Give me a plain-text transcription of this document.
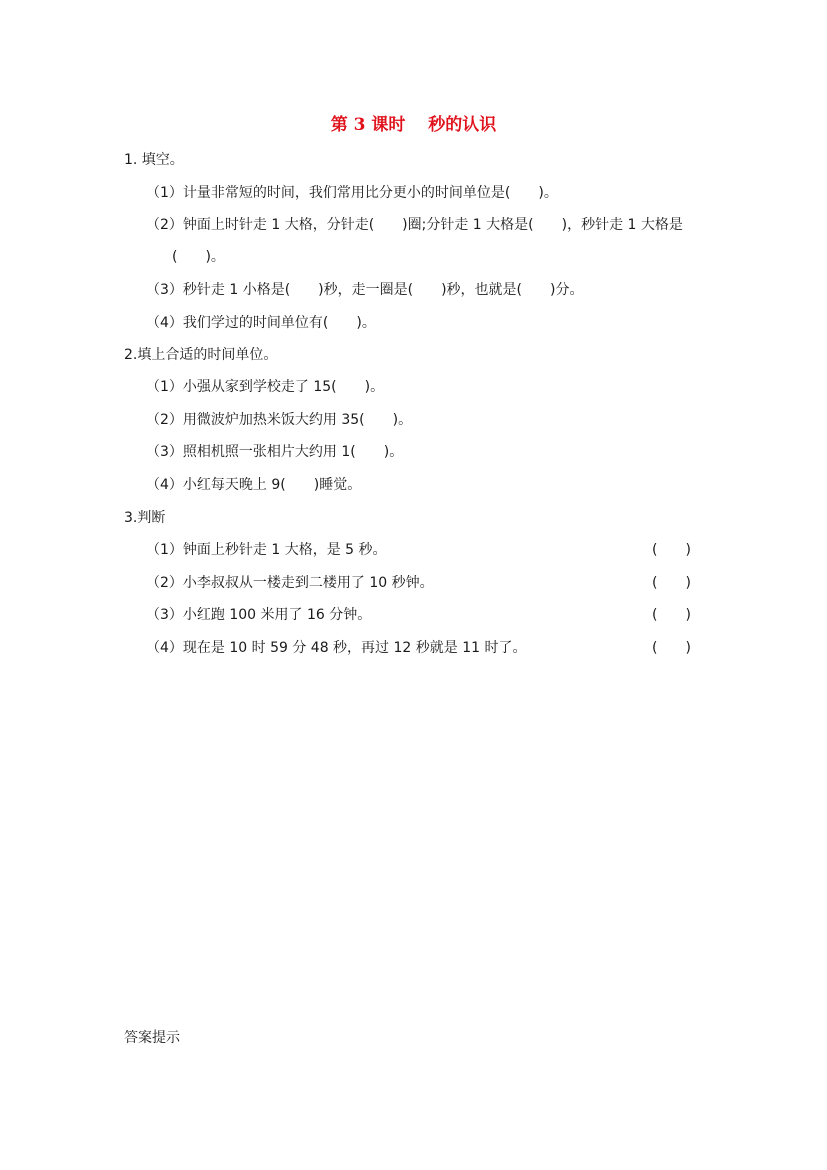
第 3 课时　 秒的认识
1. 填空。
（1）计量非常短的时间，我们常用比分更小的时间单位是(　　)。
（2）钟面上时针走 1 大格，分针走(　　)圈;分针走 1 大格是(　　)，秒针走 1 大格是
(　　)。
（3）秒针走 1 小格是(　　)秒，走一圈是(　　)秒，也就是(　　)分。
（4）我们学过的时间单位有(　　)。
2.填上合适的时间单位。
（1）小强从家到学校走了 15(　　)。
（2）用微波炉加热米饭大约用 35(　　)。
（3）照相机照一张相片大约用 1(　　)。
（4）小红每天晚上 9(　　)睡觉。
3.判断
（1）钟面上秒针走 1 大格，是 5 秒。	(　　)
（2）小李叔叔从一楼走到二楼用了 10 秒钟。	(　　)
（3）小红跑 100 米用了 16 分钟。	(　　)
（4）现在是 10 时 59 分 48 秒，再过 12 秒就是 11 时了。	(　　)
答案提示
